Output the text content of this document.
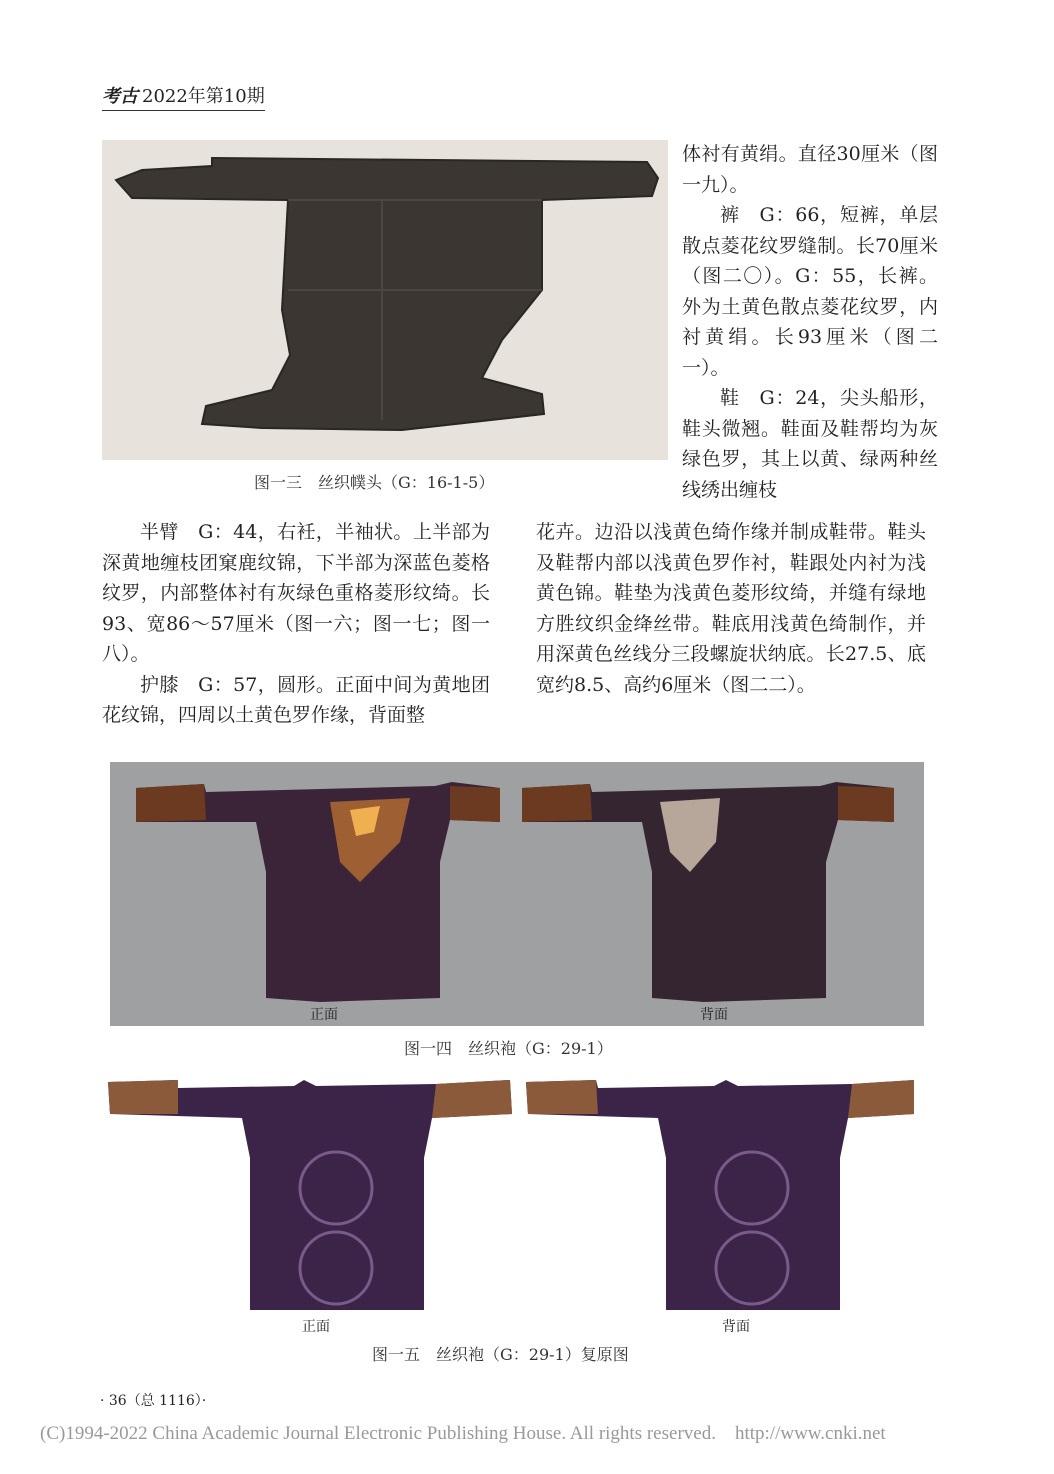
考古 2022年第10期
图一三　丝织幞头（G：16-1-5）

体衬有黄绢。直径30厘米（图一九）。

裤　G：66，短裤，单层散点菱花纹罗缝制。长70厘米（图二〇）。G：55，长裤。外为土黄色散点菱花纹罗，内衬黄绢。长93厘米（图二一）。

鞋　G：24，尖头船形，鞋头微翘。鞋面及鞋帮均为灰绿色罗，其上以黄、绿两种丝线绣出缠枝

半臂　G：44，右衽，半袖状。上半部为深黄地缠枝团窠鹿纹锦，下半部为深蓝色菱格纹罗，内部整体衬有灰绿色重格菱形纹绮。长93、宽86～57厘米（图一六；图一七；图一八）。

护膝　G：57，圆形。正面中间为黄地团花纹锦，四周以土黄色罗作缘，背面整

花卉。边沿以浅黄色绮作缘并制成鞋带。鞋头及鞋帮内部以浅黄色罗作衬，鞋跟处内衬为浅黄色锦。鞋垫为浅黄色菱形纹绮，并缝有绿地方胜纹织金绛丝带。鞋底用浅黄色绮制作，并用深黄色丝线分三段螺旋状纳底。长27.5、底宽约8.5、高约6厘米（图二二）。

正面	背面
图一四　丝织袍（G：29-1）
正面	背面
图一五　丝织袍（G：29-1）复原图
· 36（总 1116）·
(C)1994-2022 China Academic Journal Electronic Publishing House. All rights reserved.　http://www.cnki.net
